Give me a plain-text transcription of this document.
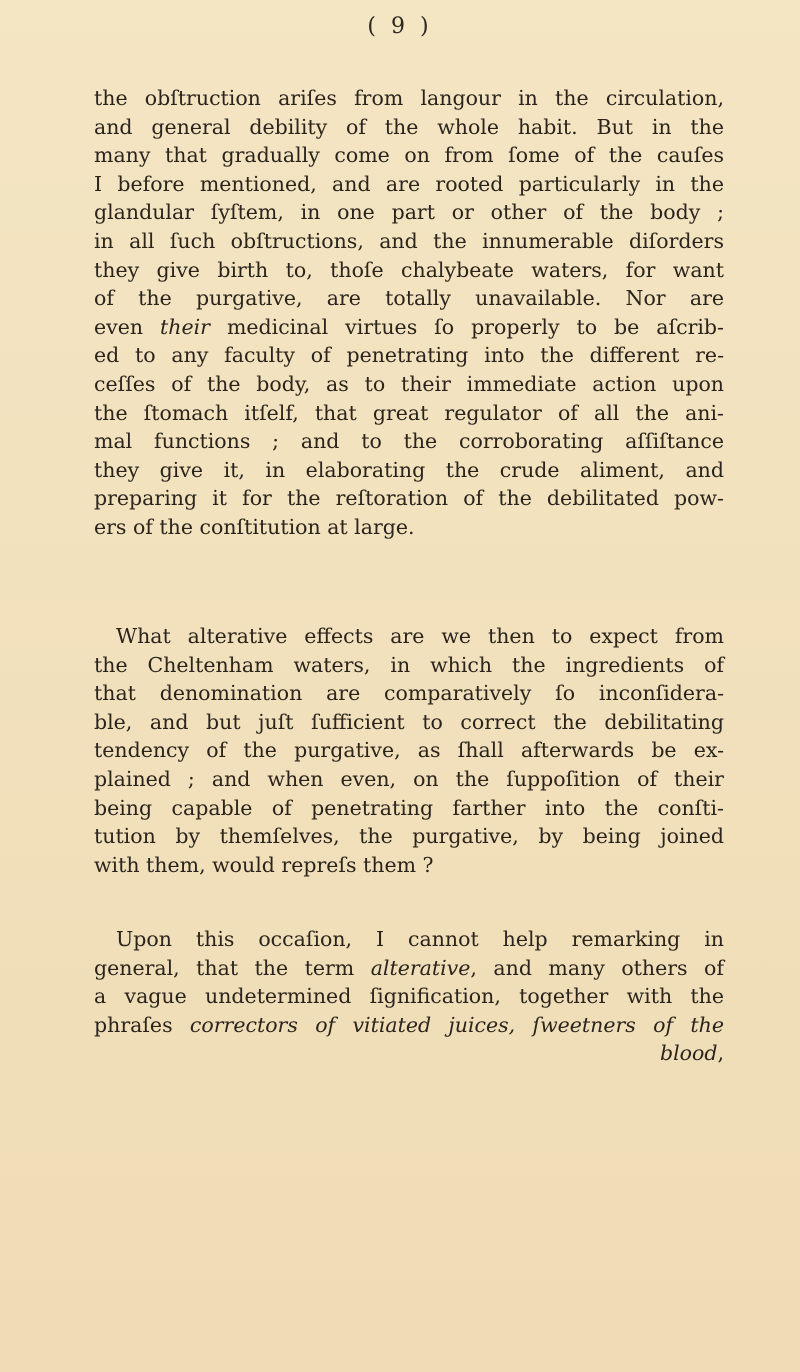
( 9 )
the obſtruction ariſes from langour in the circulation,
and general debility of the whole habit. But in the
many that gradually come on from ſome of the cauſes
I before mentioned, and are rooted particularly in the
glandular ſyſtem, in one part or other of the body ;
in all ſuch obſtructions, and the innumerable diſorders
they give birth to, thoſe chalybeate waters, for want
of the purgative, are totally unavailable. Nor are
even their medicinal virtues ſo properly to be aſcrib-
ed to any faculty of penetrating into the different re-
ceſſes of the body, as to their immediate action upon
the ſtomach itſelf, that great regulator of all the ani-
mal functions ; and to the corroborating aſſiſtance
they give it, in elaborating the crude aliment, and
preparing it for the reſtoration of the debilitated pow-
ers of the conſtitution at large.
What alterative effects are we then to expect from
the Cheltenham waters, in which the ingredients of
that denomination are comparatively ſo inconſidera-
ble, and but juſt ſufficient to correct the debilitating
tendency of the purgative, as ſhall afterwards be ex-
plained ; and when even, on the ſuppoſition of their
being capable of penetrating farther into the conſti-
tution by themſelves, the purgative, by being joined
with them, would repreſs them ?
Upon this occaſion, I cannot help remarking in
general, that the term alterative, and many others of
a vague undetermined ſignification, together with the
phraſes correctors of vitiated juices, ſweetners of the
blood,
